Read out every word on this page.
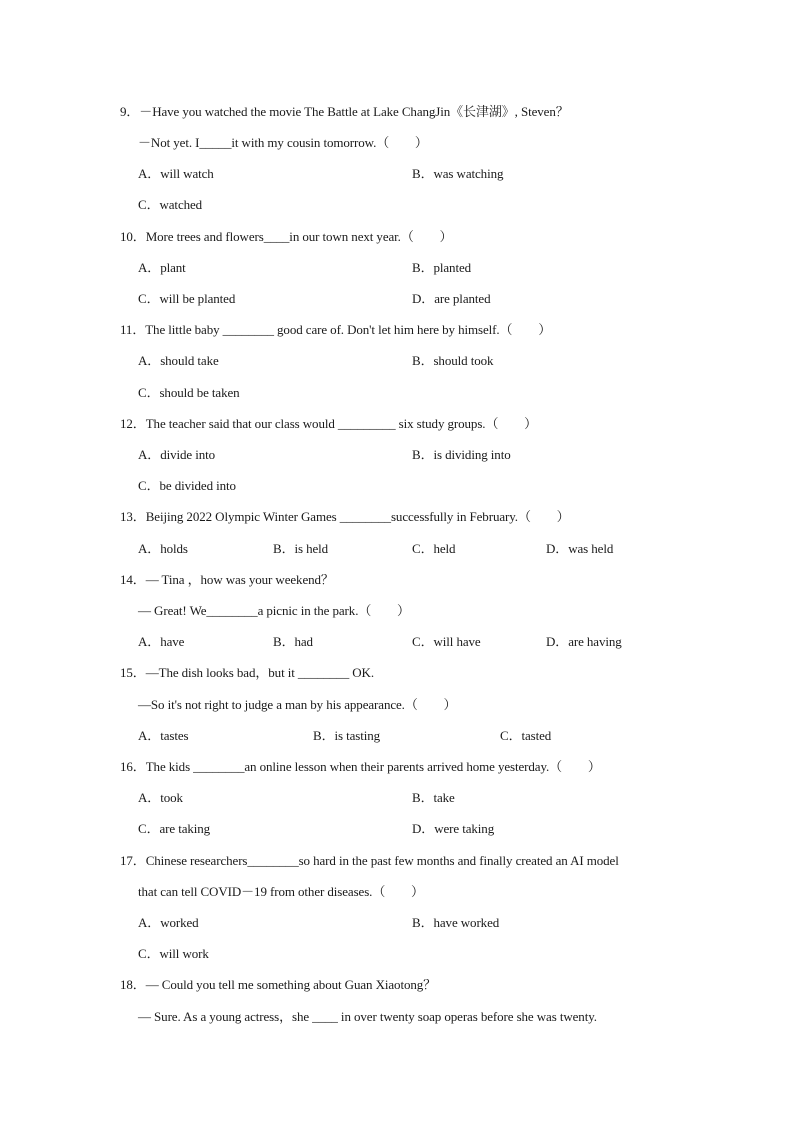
9．－Have you watched the movie The Battle at Lake ChangJin《长津湖》, Steven？
－Not yet. I_____it with my cousin tomorrow.（　　）
A．will watch	B．was watching
C．watched
10．More trees and flowers____in our town next year.（　　）
A．plant	B．planted
C．will be planted	D．are planted
11．The little baby ________ good care of. Don't let him here by himself.（　　）
A．should take	B．should took
C．should be taken
12．The teacher said that our class would _________ six study groups.（　　）
A．divide into	B．is dividing into
C．be divided into
13．Beijing 2022 Olympic Winter Games ________successfully in February.（　　）
A．holds	B．is held	C．held	D．was held
14．— Tina ，how was your weekend？
— Great! We________a picnic in the park.（　　）
A．have	B．had	C．will have	D．are having
15．—The dish looks bad，but it ________ OK.
—So it's not right to judge a man by his appearance.（　　）
A．tastes	B．is tasting	C．tasted
16．The kids ________an online lesson when their parents arrived home yesterday.（　　）
A．took	B．take
C．are taking	D．were taking
17．Chinese researchers________so hard in the past few months and finally created an AI model
that can tell COVID－19 from other diseases.（　　）
A．worked	B．have worked
C．will work
18．— Could you tell me something about Guan Xiaotong？
— Sure. As a young actress，she ____ in over twenty soap operas before she was twenty.
